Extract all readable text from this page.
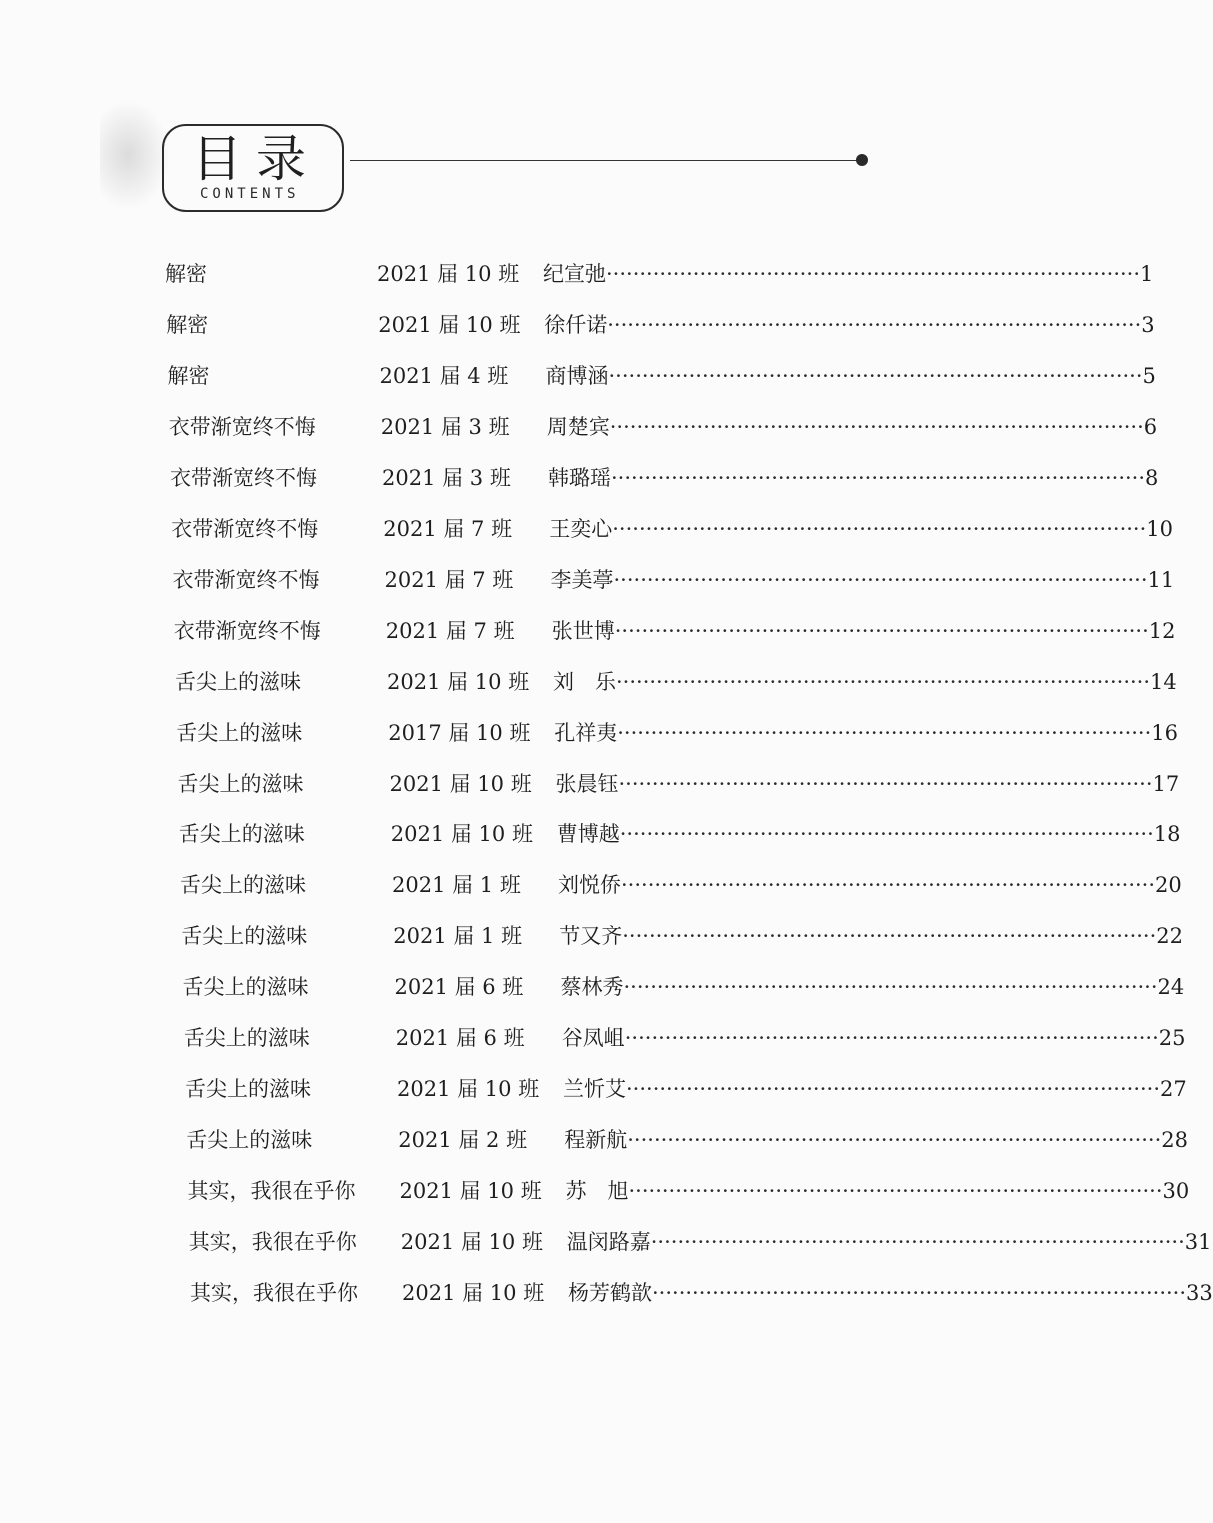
目录
CONTENTS
解密	2021 届 10 班 纪宣弛 ················································································ 1
解密	2021 届 10 班 徐仟诺 ················································································ 3
解密	2021 届 4 班 商博涵 ················································································ 5
衣带渐宽终不悔	2021 届 3 班 周楚宾 ················································································ 6
衣带渐宽终不悔	2021 届 3 班 韩璐瑶 ················································································ 8
衣带渐宽终不悔	2021 届 7 班 王奕心 ················································································ 10
衣带渐宽终不悔	2021 届 7 班 李美葶 ················································································ 11
衣带渐宽终不悔	2021 届 7 班 张世博 ················································································ 12
舌尖上的滋味	2021 届 10 班 刘　乐 ················································································ 14
舌尖上的滋味	2017 届 10 班 孔祥夷 ················································································ 16
舌尖上的滋味	2021 届 10 班 张晨钰 ················································································ 17
舌尖上的滋味	2021 届 10 班 曹博越 ················································································ 18
舌尖上的滋味	2021 届 1 班 刘悦侨 ················································································ 20
舌尖上的滋味	2021 届 1 班 节又齐 ················································································ 22
舌尖上的滋味	2021 届 6 班 蔡林秀 ················································································ 24
舌尖上的滋味	2021 届 6 班 谷凤岨 ················································································ 25
舌尖上的滋味	2021 届 10 班 兰忻艾 ················································································ 27
舌尖上的滋味	2021 届 2 班 程新航 ················································································ 28
其实，我很在乎你 2021 届 10 班 苏　旭 ················································································ 30
其实，我很在乎你 2021 届 10 班 温闵路嘉 ················································································ 31
其实，我很在乎你 2021 届 10 班 杨芳鹤歆 ················································································ 33
